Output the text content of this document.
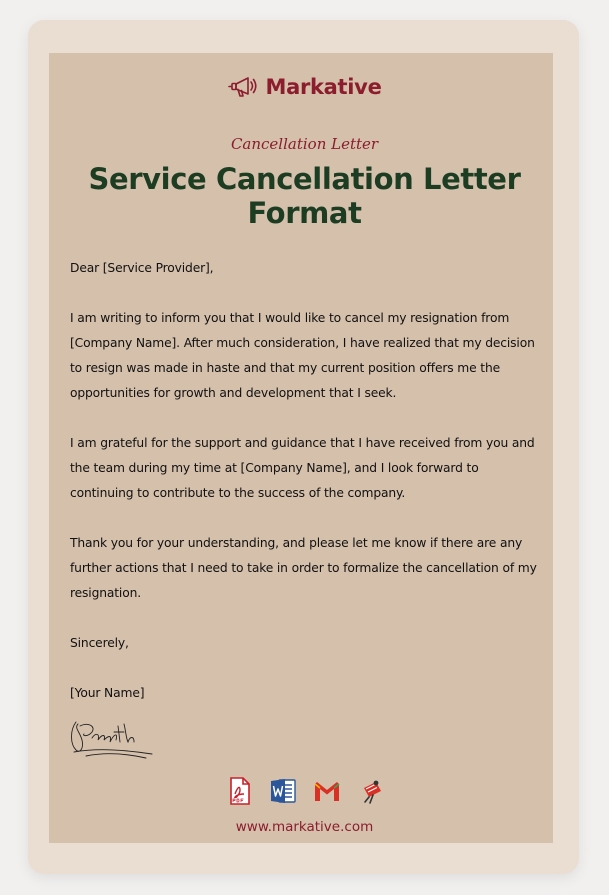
Markative
Cancellation Letter
Service Cancellation Letter Format

Dear [Service Provider],

I am writing to inform you that I would like to cancel my resignation from [Company Name]. After much consideration, I have realized that my decision to resign was made in haste and that my current position offers me the opportunities for growth and development that I seek.

I am grateful for the support and guidance that I have received from you and the team during my time at [Company Name], and I look forward to continuing to contribute to the success of the company.

Thank you for your understanding, and please let me know if there are any further actions that I need to take in order to formalize the cancellation of my resignation.

Sincerely,

[Your Name]

www.markative.com
